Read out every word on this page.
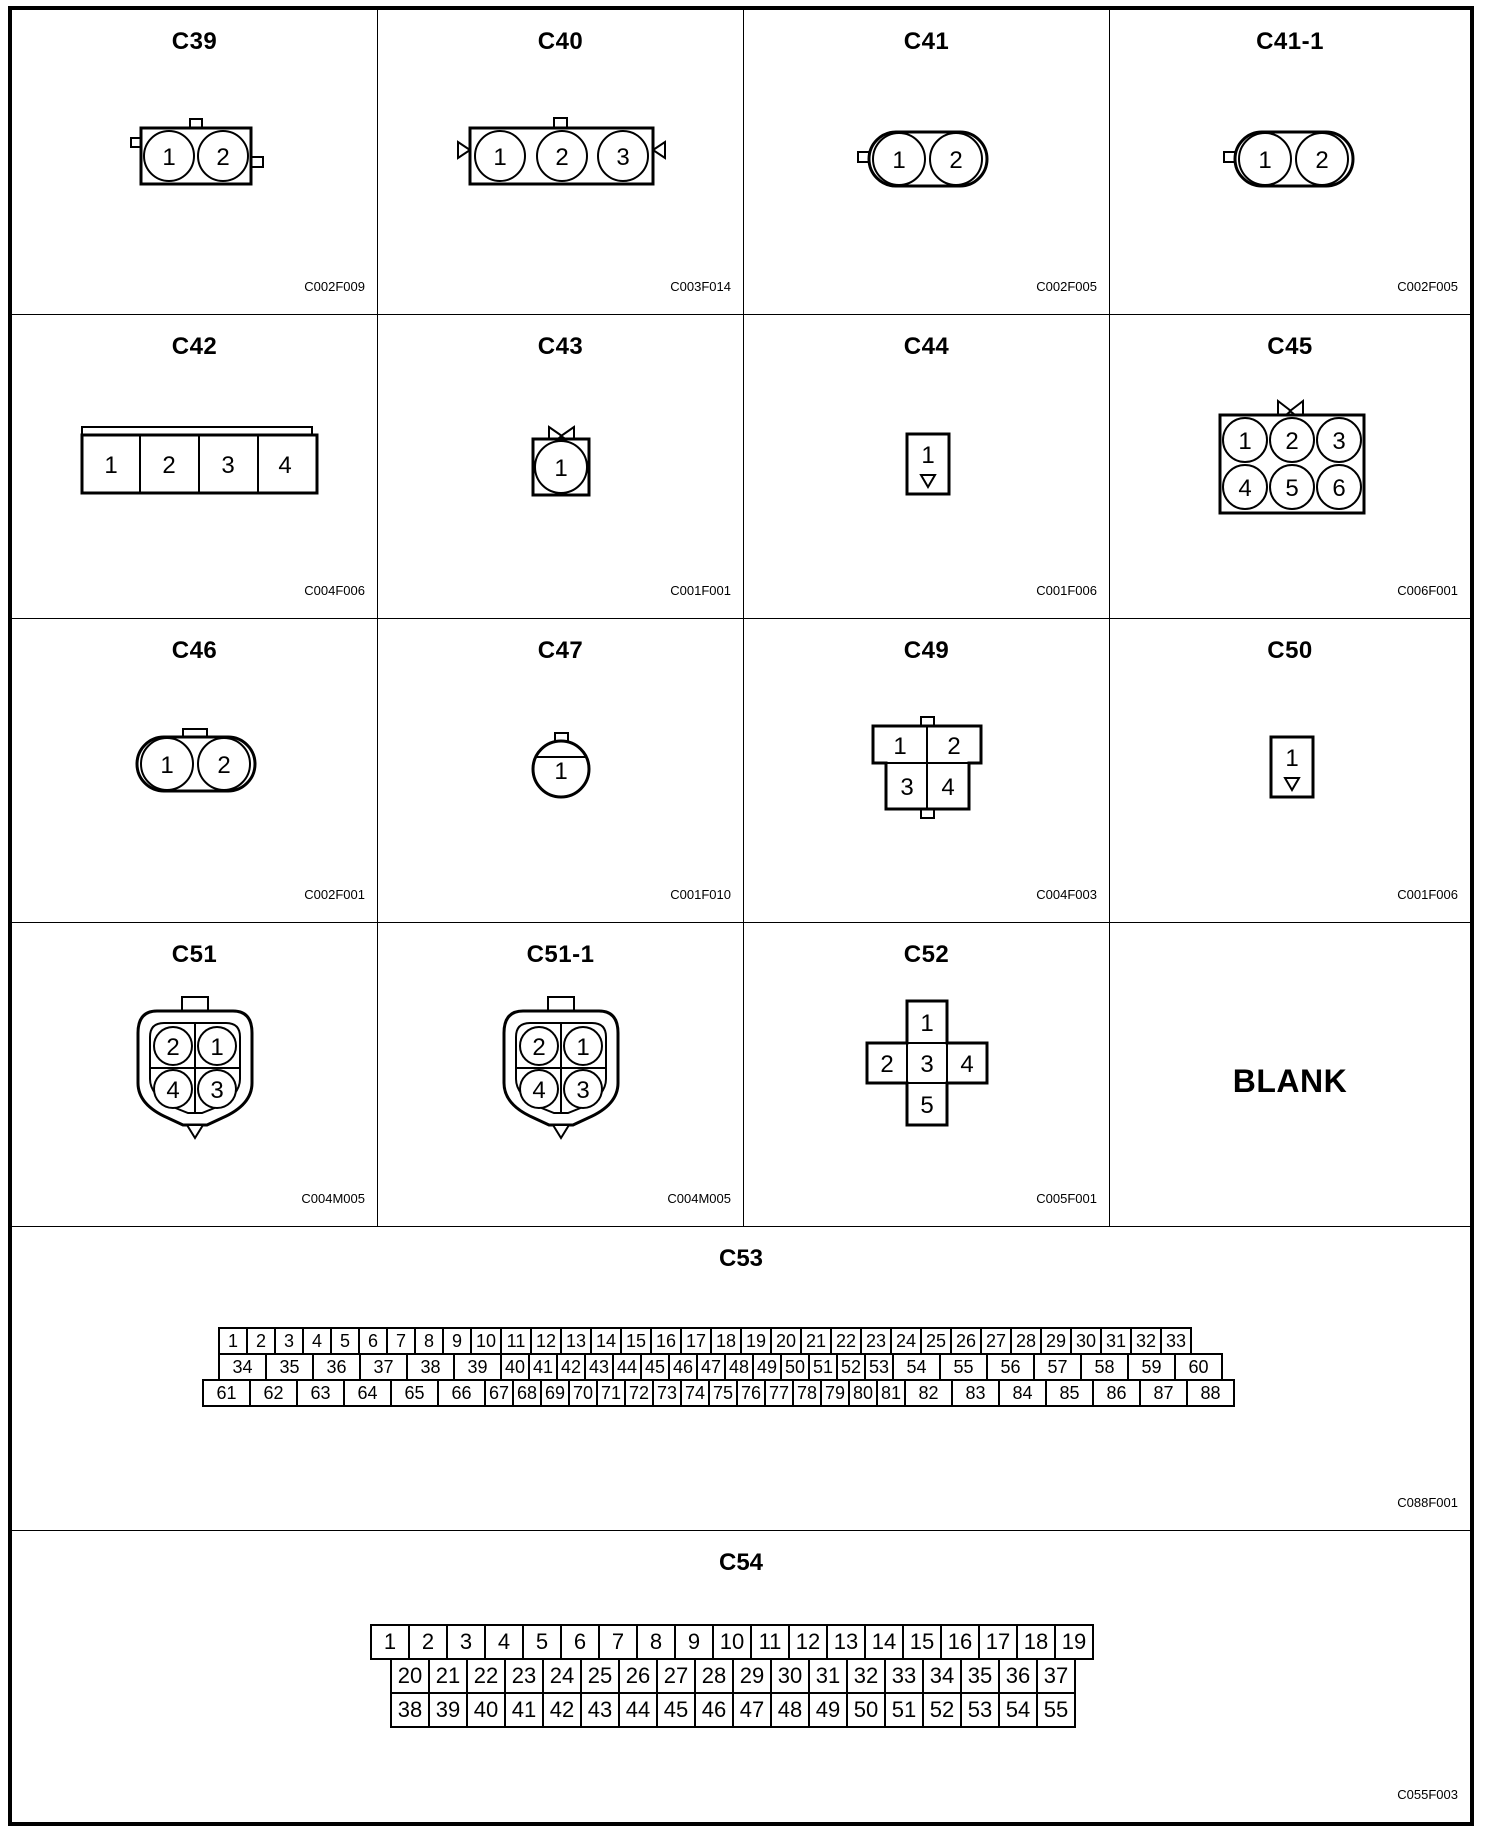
C39
1 2
C002F009
C40
1 2 3
C003F014
C41
1 2
C002F005
C41-1
1 2
C002F005
C42
1 2 3 4
C004F006
C43
1
C001F001
C44
1
C001F006
C45
1 2 3
4 5 6
C006F001
C46
1 2
C002F001
C47
1
C001F010
C49
1 2
3 4
C004F003
C50
1
C001F006
C51
2 1
4 3
C004M005
C51-1
2 1
4 3
C004M005
C52
1
2 3 4
5
C005F001
BLANK
C53
1 2 3 4 5 6 7 8 9 10 11 12 13 14 15 16 17 18 19 20 21 22 23 24 25 26 27 28 29 30 31 32 33
34	35	36	37	38	39 40 41 42 43 44 45 46 47 48 49 50 51 52 53 54	55	56	57	58	59	60
61	62	63	64	65	66 67 68 69 70 71 72 73 74 75 76 77 78 79 80 81 82	83	84	85	86	87	88
C088F001
C54
1	2	3	4	5	6	7	8	9 10 11 12 13 14 15 16 17 18 19
20 21 22 23 24 25 26 27 28 29 30 31 32 33 34 35 36 37
38 39 40 41 42 43 44 45 46 47 48 49 50 51 52 53 54 55
C055F003
